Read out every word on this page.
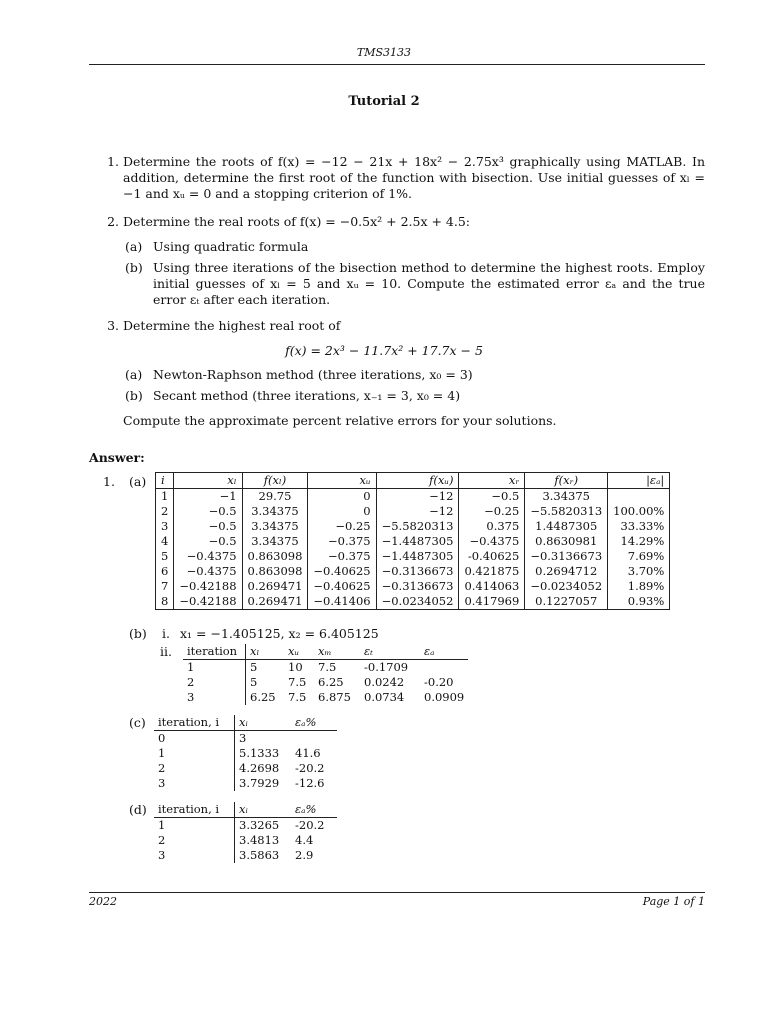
TMS3133
Tutorial 2
1. Determine the roots of f(x) = −12 − 21x + 18x² − 2.75x³ graphically using MATLAB. In addition, determine the first root of the function with bisection. Use initial guesses of xₗ = −1 and xᵤ = 0 and a stopping criterion of 1%.
2. Determine the real roots of f(x) = −0.5x² + 2.5x + 4.5:
(a) Using quadratic formula
(b) Using three iterations of the bisection method to determine the highest roots. Employ initial guesses of xₗ = 5 and xᵤ = 10. Compute the estimated error εₐ and the true error εₜ after each iteration.
3. Determine the highest real root of
f(x) = 2x³ − 11.7x² + 17.7x − 5
(a) Newton-Raphson method (three iterations, x₀ = 3)
(b) Secant method (three iterations, x₋₁ = 3, x₀ = 4)
Compute the approximate percent relative errors for your solutions.
Answer:
1. (a) i	xₗ	f(xₗ)	xᵤ	f(xᵤ)	xᵣ	f(xᵣ)	|εₐ|
1	−1	29.75	0	−12	−0.5	3.34375	
2	−0.5	3.34375	0	−12	−0.25	−5.5820313	100.00%
3	−0.5	3.34375	−0.25	−5.5820313	0.375	1.4487305	33.33%
4	−0.5	3.34375	−0.375	−1.4487305	−0.4375	0.8630981	14.29%
5	−0.4375	0.863098	−0.375	−1.4487305	-0.40625	−0.3136673	7.69%
6	−0.4375	0.863098	−0.40625	−0.3136673	0.421875	0.2694712	3.70%
7	−0.42188	0.269471	−0.40625	−0.3136673	0.414063	−0.0234052	1.89%
8	−0.42188	0.269471	−0.41406	−0.0234052	0.417969	0.1227057	0.93%
(b) i. x₁ = −1.405125, x₂ = 6.405125
ii. iteration	xₗ	xᵤ	xₘ	εₜ	εₐ
1	5	10	7.5	-0.1709	
2	5	7.5	6.25	0.0242	-0.20
3	6.25	7.5	6.875	0.0734	0.0909
(c) iteration, i	xᵢ	εₐ%
0	3	
1	5.1333	41.6
2	4.2698	-20.2
3	3.7929	-12.6
(d) iteration, i	xᵢ	εₐ%
1	3.3265	-20.2
2	3.4813	4.4
3	3.5863	2.9
2022	Page 1 of 1
